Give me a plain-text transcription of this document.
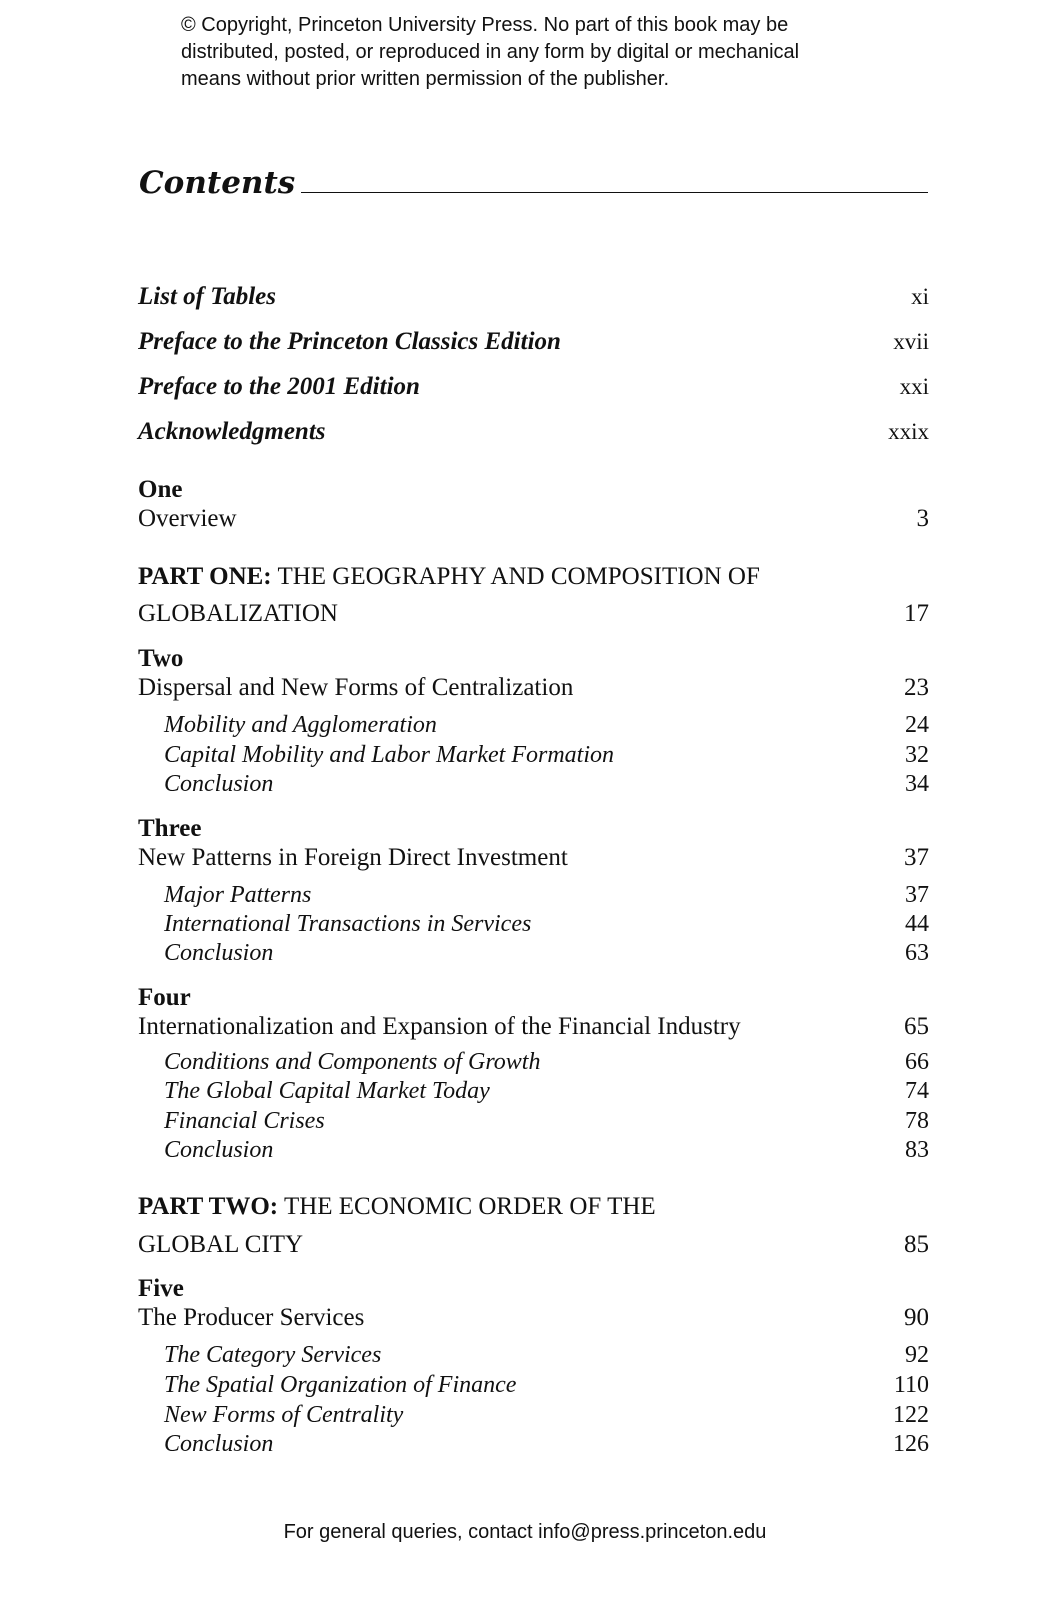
© Copyright, Princeton University Press. No part of this book may be
distributed, posted, or reproduced in any form by digital or mechanical
means without prior written permission of the publisher.
Contents
List of Tables	xi
Preface to the Princeton Classics Edition	xvii
Preface to the 2001 Edition	xxi
Acknowledgments	xxix
One
Overview	3
PART ONE: THE GEOGRAPHY AND COMPOSITION OF
GLOBALIZATION	17
Two
Dispersal and New Forms of Centralization	23
Mobility and Agglomeration	24
Capital Mobility and Labor Market Formation	32
Conclusion	34
Three
New Patterns in Foreign Direct Investment	37
Major Patterns	37
International Transactions in Services	44
Conclusion	63
Four
Internationalization and Expansion of the Financial Industry	65
Conditions and Components of Growth	66
The Global Capital Market Today	74
Financial Crises	78
Conclusion	83
PART TWO: THE ECONOMIC ORDER OF THE
GLOBAL CITY	85
Five
The Producer Services	90
The Category Services	92
The Spatial Organization of Finance	110
New Forms of Centrality	122
Conclusion	126

For general queries, contact info@press.princeton.edu
